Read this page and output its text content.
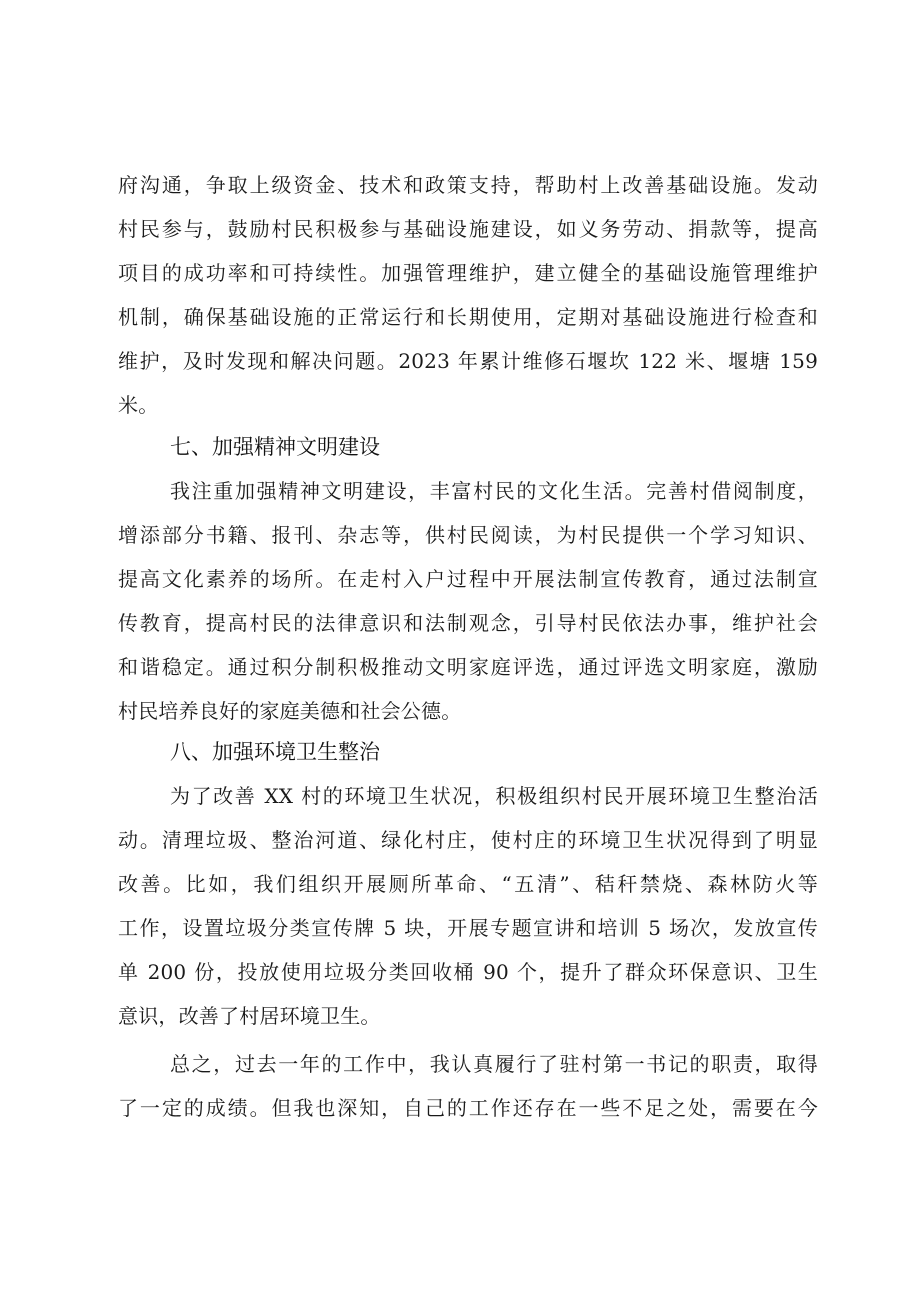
府沟通，争取上级资金、技术和政策支持，帮助村上改善基础设施。发动
村民参与，鼓励村民积极参与基础设施建设，如义务劳动、捐款等，提高
项目的成功率和可持续性。加强管理维护，建立健全的基础设施管理维护
机制，确保基础设施的正常运行和长期使用，定期对基础设施进行检查和
维护，及时发现和解决问题。2023 年累计维修石堰坎 122 米、堰塘 159
米。
七、加强精神文明建设
我注重加强精神文明建设，丰富村民的文化生活。完善村借阅制度，
增添部分书籍、报刊、杂志等，供村民阅读，为村民提供一个学习知识、
提高文化素养的场所。在走村入户过程中开展法制宣传教育，通过法制宣
传教育，提高村民的法律意识和法制观念，引导村民依法办事，维护社会
和谐稳定。通过积分制积极推动文明家庭评选，通过评选文明家庭，激励
村民培养良好的家庭美德和社会公德。
八、加强环境卫生整治
为了改善 XX 村的环境卫生状况，积极组织村民开展环境卫生整治活
动。清理垃圾、整治河道、绿化村庄，使村庄的环境卫生状况得到了明显
改善。比如，我们组织开展厕所革命、“五清”、秸秆禁烧、森林防火等
工作，设置垃圾分类宣传牌 5 块，开展专题宣讲和培训 5 场次，发放宣传
单 200 份，投放使用垃圾分类回收桶 90 个，提升了群众环保意识、卫生
意识，改善了村居环境卫生。
总之，过去一年的工作中，我认真履行了驻村第一书记的职责，取得
了一定的成绩。但我也深知，自己的工作还存在一些不足之处，需要在今
